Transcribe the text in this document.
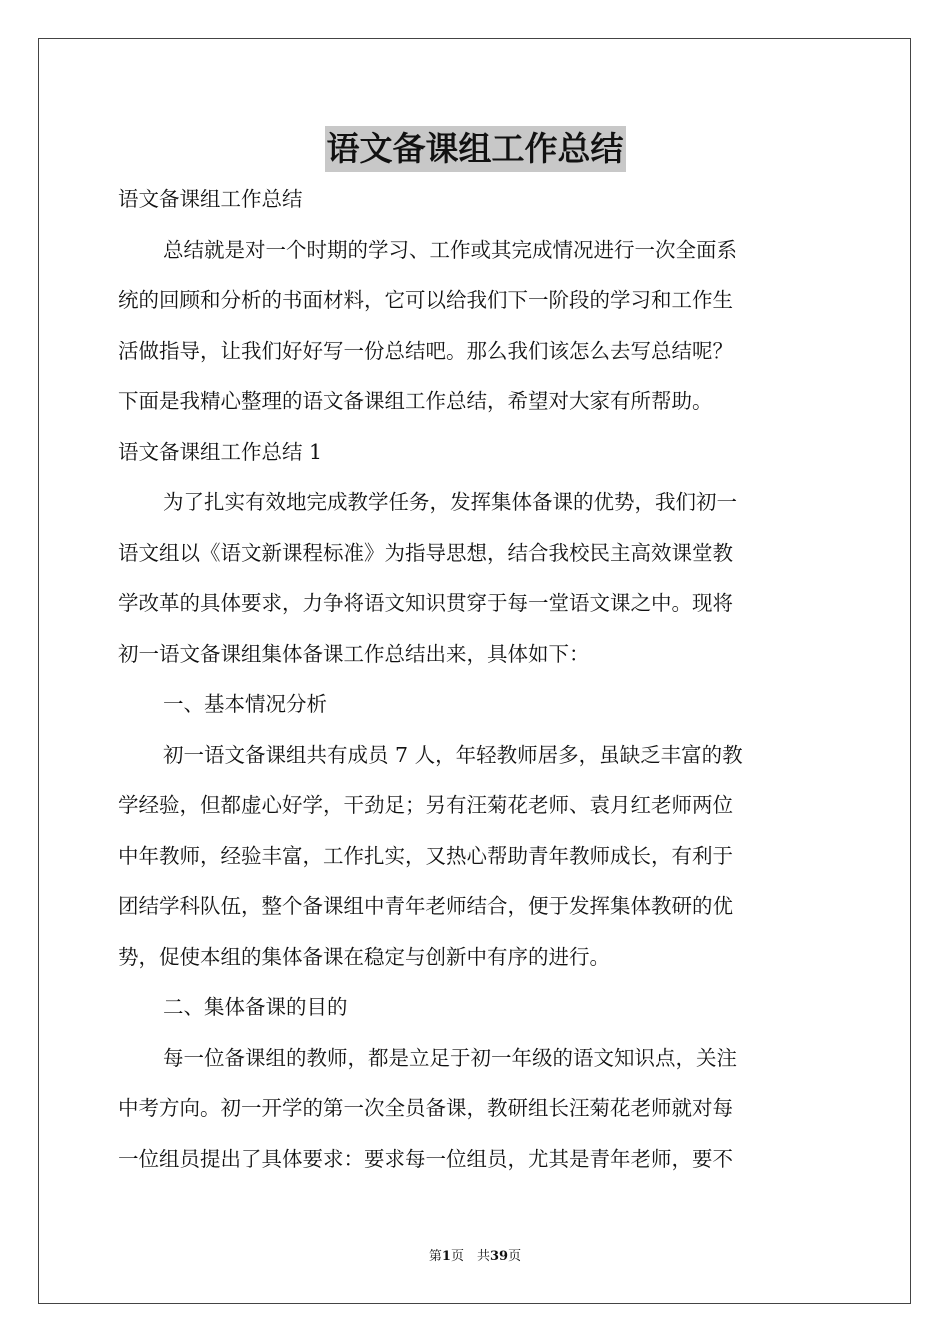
语文备课组工作总结
语文备课组工作总结
总结就是对一个时期的学习、工作或其完成情况进行一次全面系
统的回顾和分析的书面材料，它可以给我们下一阶段的学习和工作生
活做指导，让我们好好写一份总结吧。那么我们该怎么去写总结呢？
下面是我精心整理的语文备课组工作总结，希望对大家有所帮助。
语文备课组工作总结 1
为了扎实有效地完成教学任务，发挥集体备课的优势，我们初一
语文组以《语文新课程标准》为指导思想，结合我校民主高效课堂教
学改革的具体要求，力争将语文知识贯穿于每一堂语文课之中。现将
初一语文备课组集体备课工作总结出来，具体如下：
一、基本情况分析
初一语文备课组共有成员 7 人，年轻教师居多，虽缺乏丰富的教
学经验，但都虚心好学，干劲足；另有汪菊花老师、袁月红老师两位
中年教师，经验丰富，工作扎实，又热心帮助青年教师成长，有利于
团结学科队伍，整个备课组中青年老师结合，便于发挥集体教研的优
势，促使本组的集体备课在稳定与创新中有序的进行。
二、集体备课的目的
每一位备课组的教师，都是立足于初一年级的语文知识点，关注
中考方向。初一开学的第一次全员备课，教研组长汪菊花老师就对每
一位组员提出了具体要求：要求每一位组员，尤其是青年老师，要不
第1页　共39页
